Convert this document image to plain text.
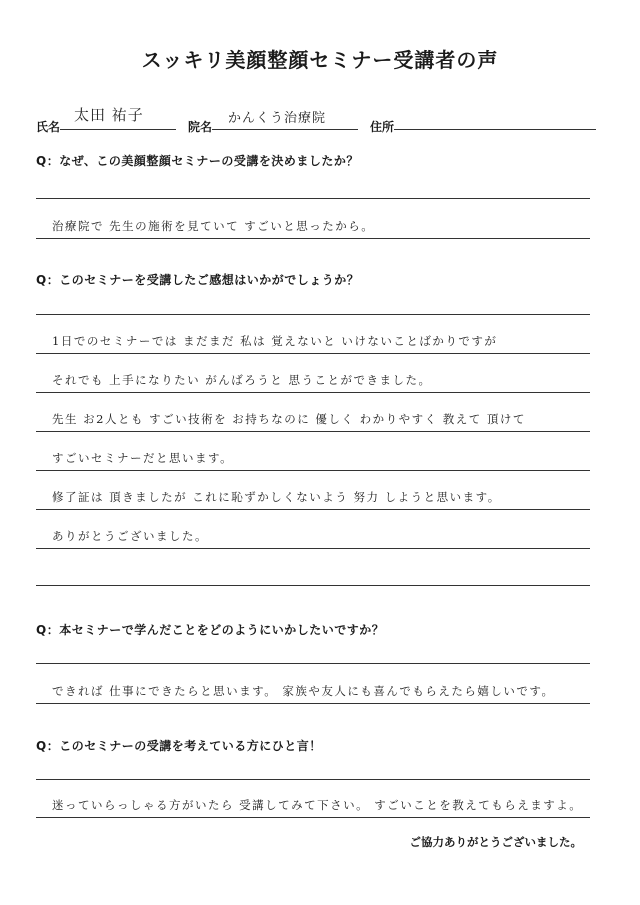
スッキリ美顔整顔セミナー受講者の声
氏名
太田 祐子
院名
かんくう治療院
住所
Q：なぜ、この美顔整顔セミナーの受講を決めましたか？
治療院で 先生の施術を見ていて すごいと思ったから。
Q：このセミナーを受講したご感想はいかがでしょうか？
1日でのセミナーでは まだまだ 私は 覚えないと いけないことばかりですが
それでも 上手になりたい がんばろうと 思うことができました。
先生 お2人とも すごい技術を お持ちなのに 優しく わかりやすく 教えて 頂けて
すごいセミナーだと思います。
修了証は 頂きましたが これに恥ずかしくないよう 努力 しようと思います。
ありがとうございました。
Q：本セミナーで学んだことをどのようにいかしたいですか？
できれば 仕事にできたらと思います。 家族や友人にも喜んでもらえたら嬉しいです。
Q：このセミナーの受講を考えている方にひと言！
迷っていらっしゃる方がいたら 受講してみて下さい。 すごいことを教えてもらえますよ。
ご協力ありがとうございました。
